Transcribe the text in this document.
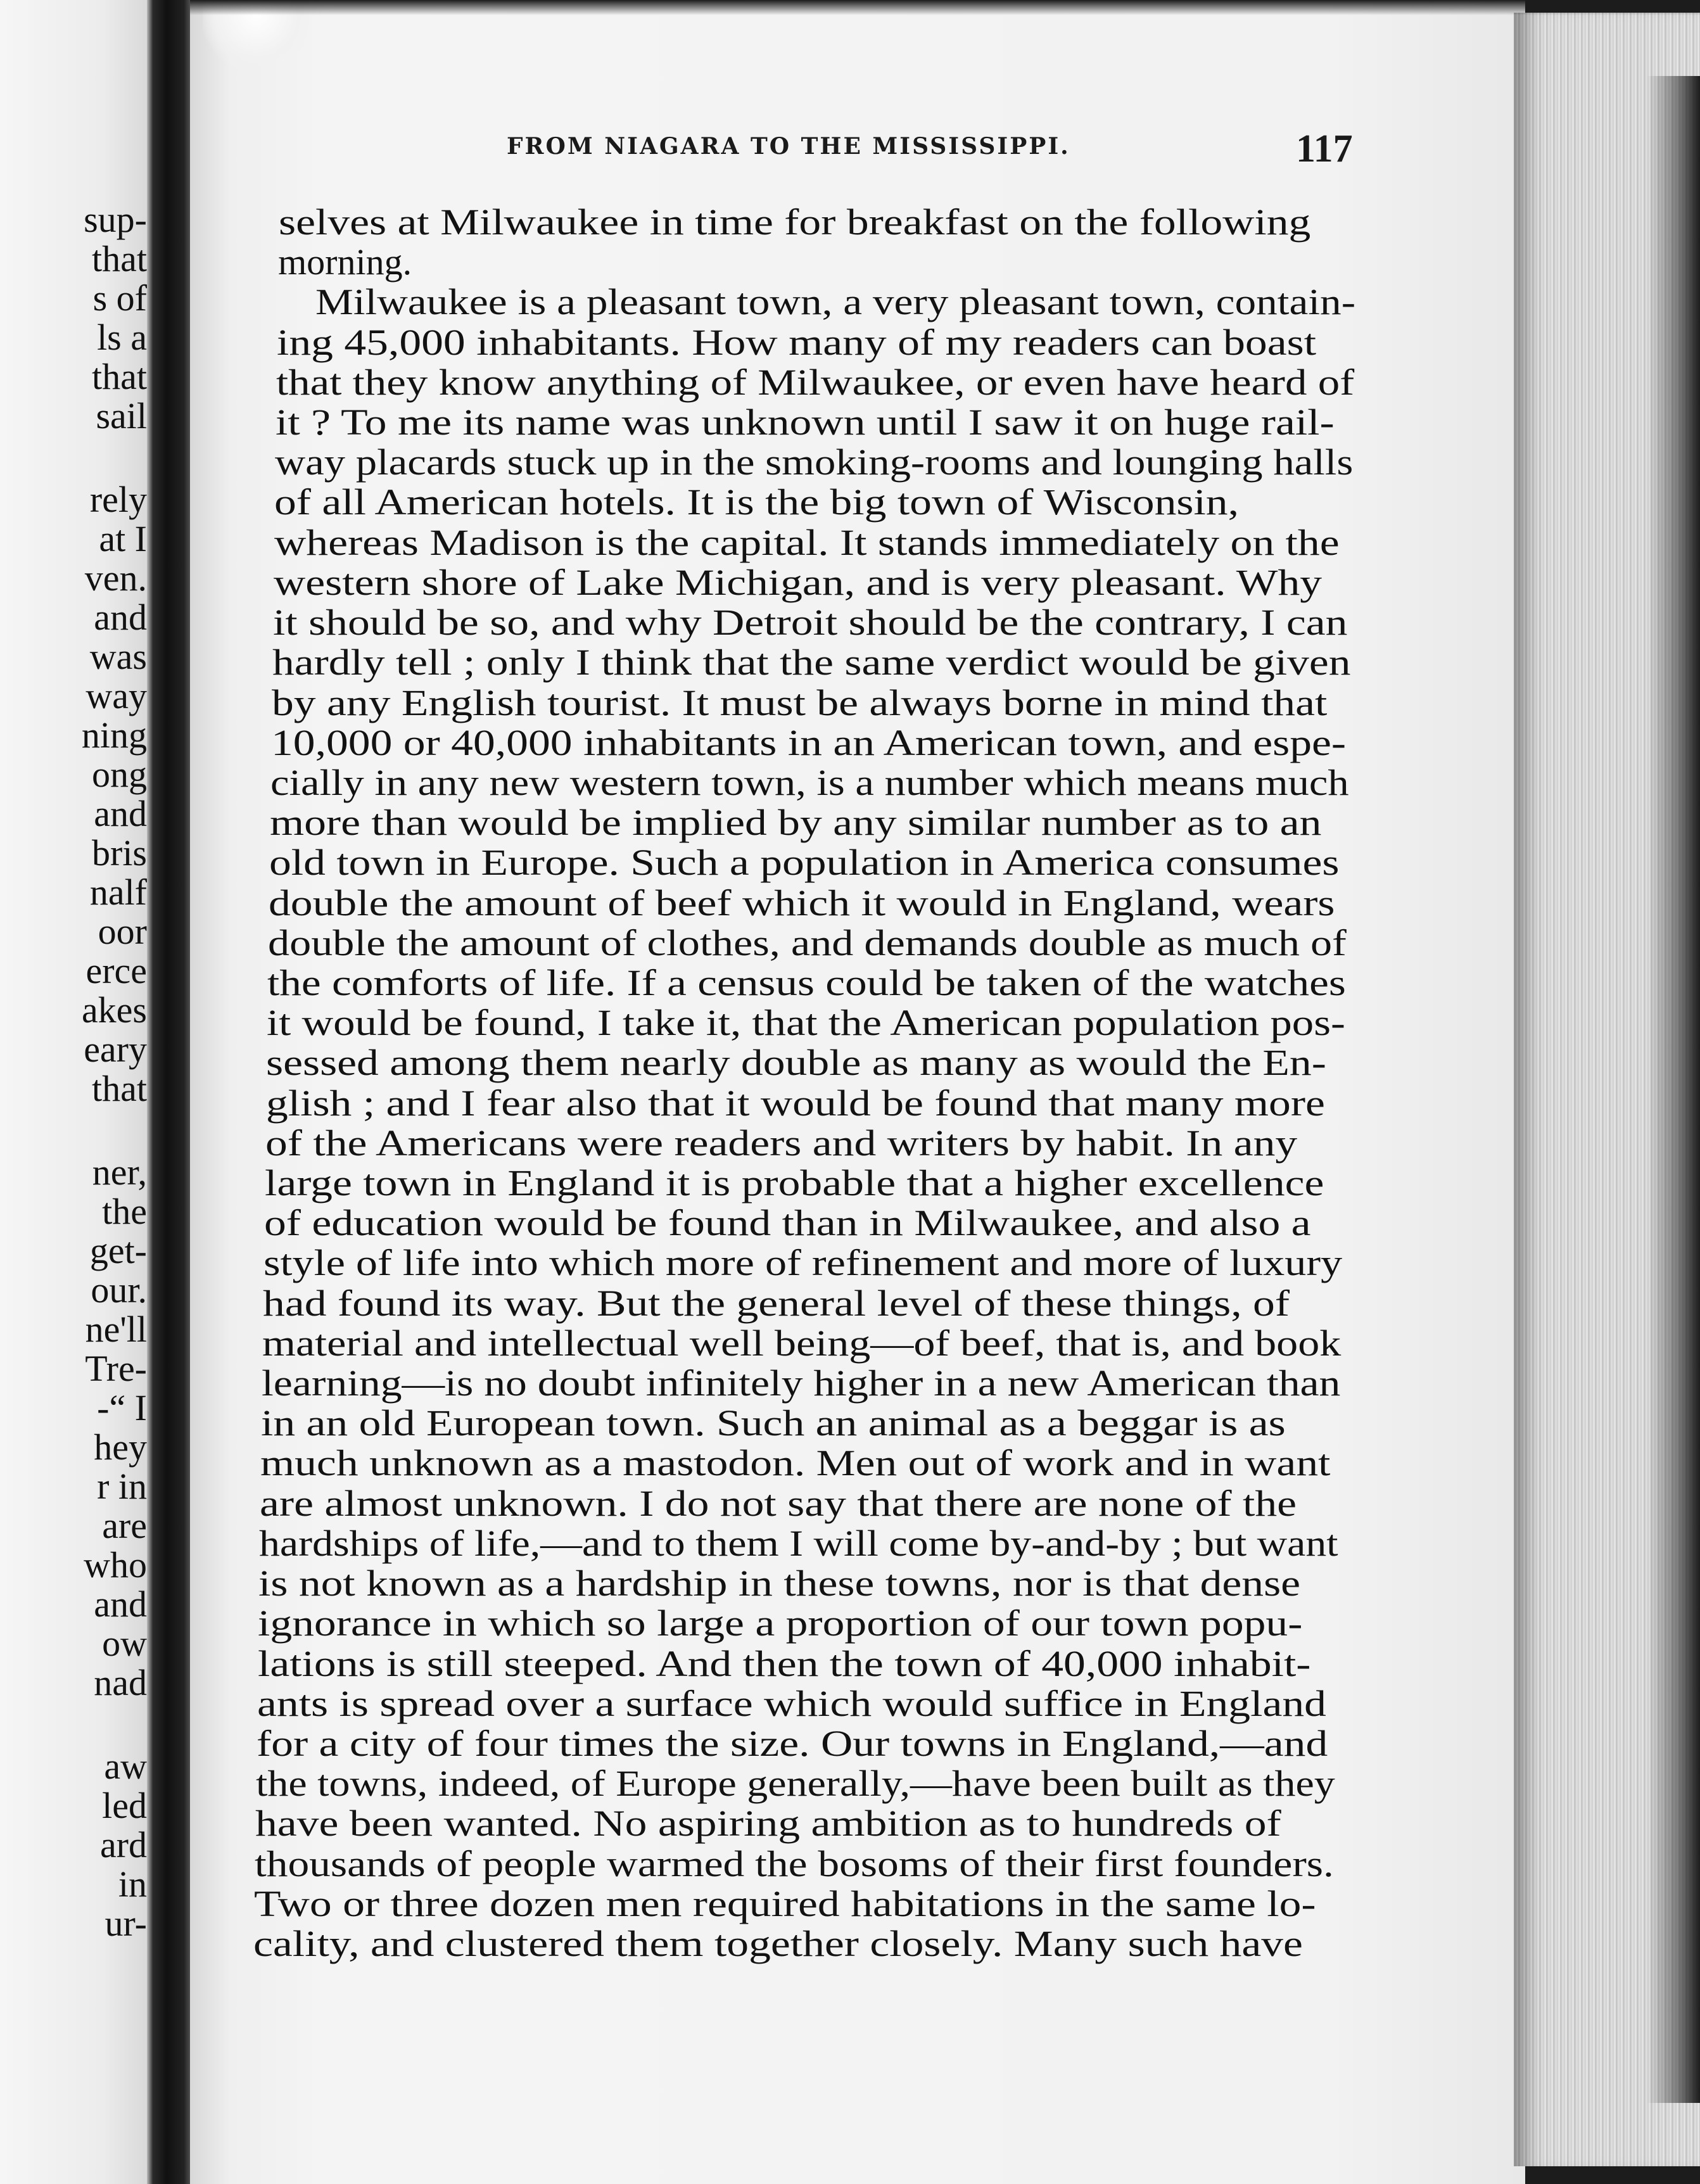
sup-

that

s of

ls a

that

sail

rely

at I

ven.

and

was

way

ning

ong

and

bris

nalf

oor

erce

akes

eary

that

ner,

the

get-

our.

ne'll

Tre-

-“ I

hey

r in

are

who

and

ow

nad

aw

led

ard

in

ur-

FROM NIAGARA TO THE MISSISSIPPI.	117

selves at Milwaukee in time for breakfast on the following

morning.

Milwaukee is a pleasant town, a very pleasant town, contain-

ing 45,000 inhabitants. How many of my readers can boast

that they know anything of Milwaukee, or even have heard of

it ? To me its name was unknown until I saw it on huge rail-

way placards stuck up in the smoking-rooms and lounging halls

of all American hotels. It is the big town of Wisconsin,

whereas Madison is the capital. It stands immediately on the

western shore of Lake Michigan, and is very pleasant. Why

it should be so, and why Detroit should be the contrary, I can

hardly tell ; only I think that the same verdict would be given

by any English tourist. It must be always borne in mind that

10,000 or 40,000 inhabitants in an American town, and espe-

cially in any new western town, is a number which means much

more than would be implied by any similar number as to an

old town in Europe. Such a population in America consumes

double the amount of beef which it would in England, wears

double the amount of clothes, and demands double as much of

the comforts of life. If a census could be taken of the watches

it would be found, I take it, that the American population pos-

sessed among them nearly double as many as would the En-

glish ; and I fear also that it would be found that many more

of the Americans were readers and writers by habit. In any

large town in England it is probable that a higher excellence

of education would be found than in Milwaukee, and also a

style of life into which more of refinement and more of luxury

had found its way. But the general level of these things, of

material and intellectual well being—of beef, that is, and book

learning—is no doubt infinitely higher in a new American than

in an old European town. Such an animal as a beggar is as

much unknown as a mastodon. Men out of work and in want

are almost unknown. I do not say that there are none of the

hardships of life,—and to them I will come by-and-by ; but want

is not known as a hardship in these towns, nor is that dense

ignorance in which so large a proportion of our town popu-

lations is still steeped. And then the town of 40,000 inhabit-

ants is spread over a surface which would suffice in England

for a city of four times the size. Our towns in England,—and

the towns, indeed, of Europe generally,—have been built as they

have been wanted. No aspiring ambition as to hundreds of

thousands of people warmed the bosoms of their first founders.

Two or three dozen men required habitations in the same lo-

cality, and clustered them together closely. Many such have
